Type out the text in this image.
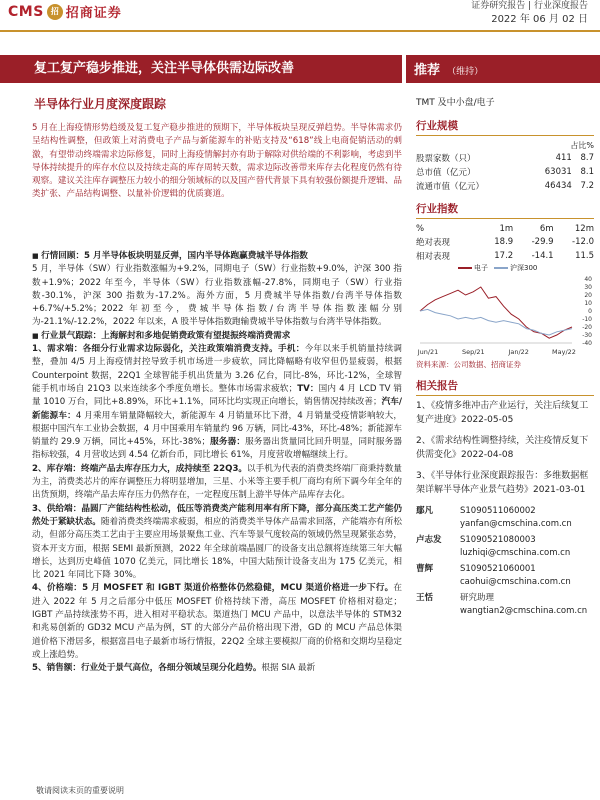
CMS 招 招商证券	证券研究报告 | 行业深度报告
2022 年 06 月 02 日
复工复产稳步推进，关注半导体供需边际改善	推荐 （维持）
半导体行业月度深度跟踪
5 月在上海疫情形势趋缓及复工复产稳步推进的预期下，半导体板块呈现反弹趋势。半导体需求仍呈结构性调整，但政策上对消费电子产品与新能源车的补贴支持及“618”线上电商促销活动的刺激，有望带动终端需求边际修复，同时上海疫情解封亦有助于解除对供给端的不利影响，考虑到半导体持续提升的库存水位以及持续走高的库存周转天数，需求边际改善带来库存去化程度仍然有待观察。建议关注库存调整压力较小的细分领域标的以及国产替代背景下具有较强份额提升逻辑、品类扩张、产品结构调整、以量补价逻辑的优质赛道。

■ 行情回顾：5 月半导体板块明显反弹，国内半导体跑赢费城半导体指数

5 月，半导体（SW）行业指数涨幅为+9.2%，同期电子（SW）行业指数+9.0%，沪深 300 指数+1.9%；2022 年至今，半导体（SW）行业指数涨幅-27.8%，同期电子（SW）行业指数-30.1%，沪深 300 指数为-17.2%。海外方面，5 月费城半导体指数/台湾半导体指数+6.7%/+5.2%；2022 年初至今，费城半导体指数/台湾半导体指数涨幅分别为-21.1%/-12.2%，2022 年以来，A 股半导体指数跑输费城半导体指数与台湾半导体指数。

■ 行业景气跟踪：上海解封和多地促销费政策有望提振终端消费需求

1、需求端：各细分行业需求边际弱化，关注政策端消费支持。手机：今年以来手机销量持续调整，叠加 4/5 月上海疫情封控导致手机市场进一步疲软，同比降幅略有收窄但仍显疲弱，根据 Counterpoint 数据，22Q1 全球智能手机出货量为 3.26 亿台，同比-8%，环比-12%，全球智能手机市场自 21Q3 以来连续多个季度负增长。整体市场需求疲软；TV：国内 4 月 LCD TV 销量 1010 万台，同比+8.89%，环比+1.1%，同环比均实现正向增长，销售情况持续改善；汽车/新能源车：4 月乘用车销量降幅较大，新能源车 4 月销量环比下滑，4 月销量受疫情影响较大，根据中国汽车工业协会数据，4 月中国乘用车销量约 96 万辆，同比-43%，环比-48%；新能源车销量约 29.9 万辆，同比+45%，环比-38%；服务器：服务器出货量同比回升明显，同时服务器指标较强，4 月营收达到 4.54 亿新台币，同比增长 61%，月度营收增幅继续上行。

2、库存端：终端产品去库存压力大，成持续至 22Q3。以手机为代表的消费类终端厂商秉持数量为主，消费类芯片的库存调整压力将明显增加，三星、小米等主要手机厂商均有所下调今年全年的出货预期，终端产品去库存压力仍然存在，一定程度压制上游半导体产品库存去化。

3、供给端：晶圆厂产能结构性松动，低压等消费类产能利用率有所下降，部分高压类工艺产能仍然处于紧缺状态。随着消费类终端需求疲弱，相应的消费类半导体产品需求回落，产能端亦有所松动，但部分高压类工艺由于主要应用场景聚焦工业、汽车等景气度较高的领域仍然呈现紧张态势，资本开支方面，根据 SEMI 最新预测，2022 年全球前端晶圆厂的设备支出总额将连续第三年大幅增长，达到历史峰值 1070 亿美元，同比增长 18%，中国大陆预计设备支出为 175 亿美元，相比 2021 年同比下降 30%。

4、价格端：5 月 MOSFET 和 IGBT 渠道价格整体仍然稳健，MCU 渠道价格进一步下行。在进入 2022 年 5 月之后部分中低压 MOSFET 价格持续下滑，高压 MOSFET 价格相对稳定；IGBT 产品持续涨势不再，进入相对平稳状态。渠道热门 MCU 产品中，以意法半导体的 STM32 和兆易创新的 GD32 MCU 产品为例，ST 的大部分产品价格出现下滑，GD 的 MCU 产品总体渠道价格下滑居多，根据富昌电子最新市场行情报，22Q2 全球主要模拟厂商的价格和交期均呈稳定或上涨趋势。

5、销售额：行业处于景气高位，各细分领域呈现分化趋势。根据 SIA 最新

TMT 及中小盘/电子
行业规模
占比%
股票家数（只）	411	8.7
总市值（亿元）	63031	8.1
流通市值（亿元）	46434	7.2
行业指数
%	1m	6m	12m
绝对表现	18.9	-29.9	-12.0
相对表现	17.2	-14.1	11.5
电子	沪深300
40
30
20
10
0
-10
-20
-30
-40
Jun/21	Sep/21	Jan/22	May/22
资料来源：公司数据、招商证券
相关报告
1、《疫情多维冲击产业运行，关注后续复工复产进度》2022-05-05
2、《需求结构性调整持续，关注疫情反复下供需变化》2022-04-08
3、《半导体行业深度跟踪报告：多维数据框架详解半导体产业景气趋势》2021-03-01
鄢凡	S1090511060002
yanfan@cmschina.com.cn
卢志发	S1090521080003
luzhiqi@cmschina.com.cn
曹辉	S1090521060001
caohui@cmschina.com.cn
王恬	研究助理
wangtian2@cmschina.com.cn
敬请阅读末页的重要说明
